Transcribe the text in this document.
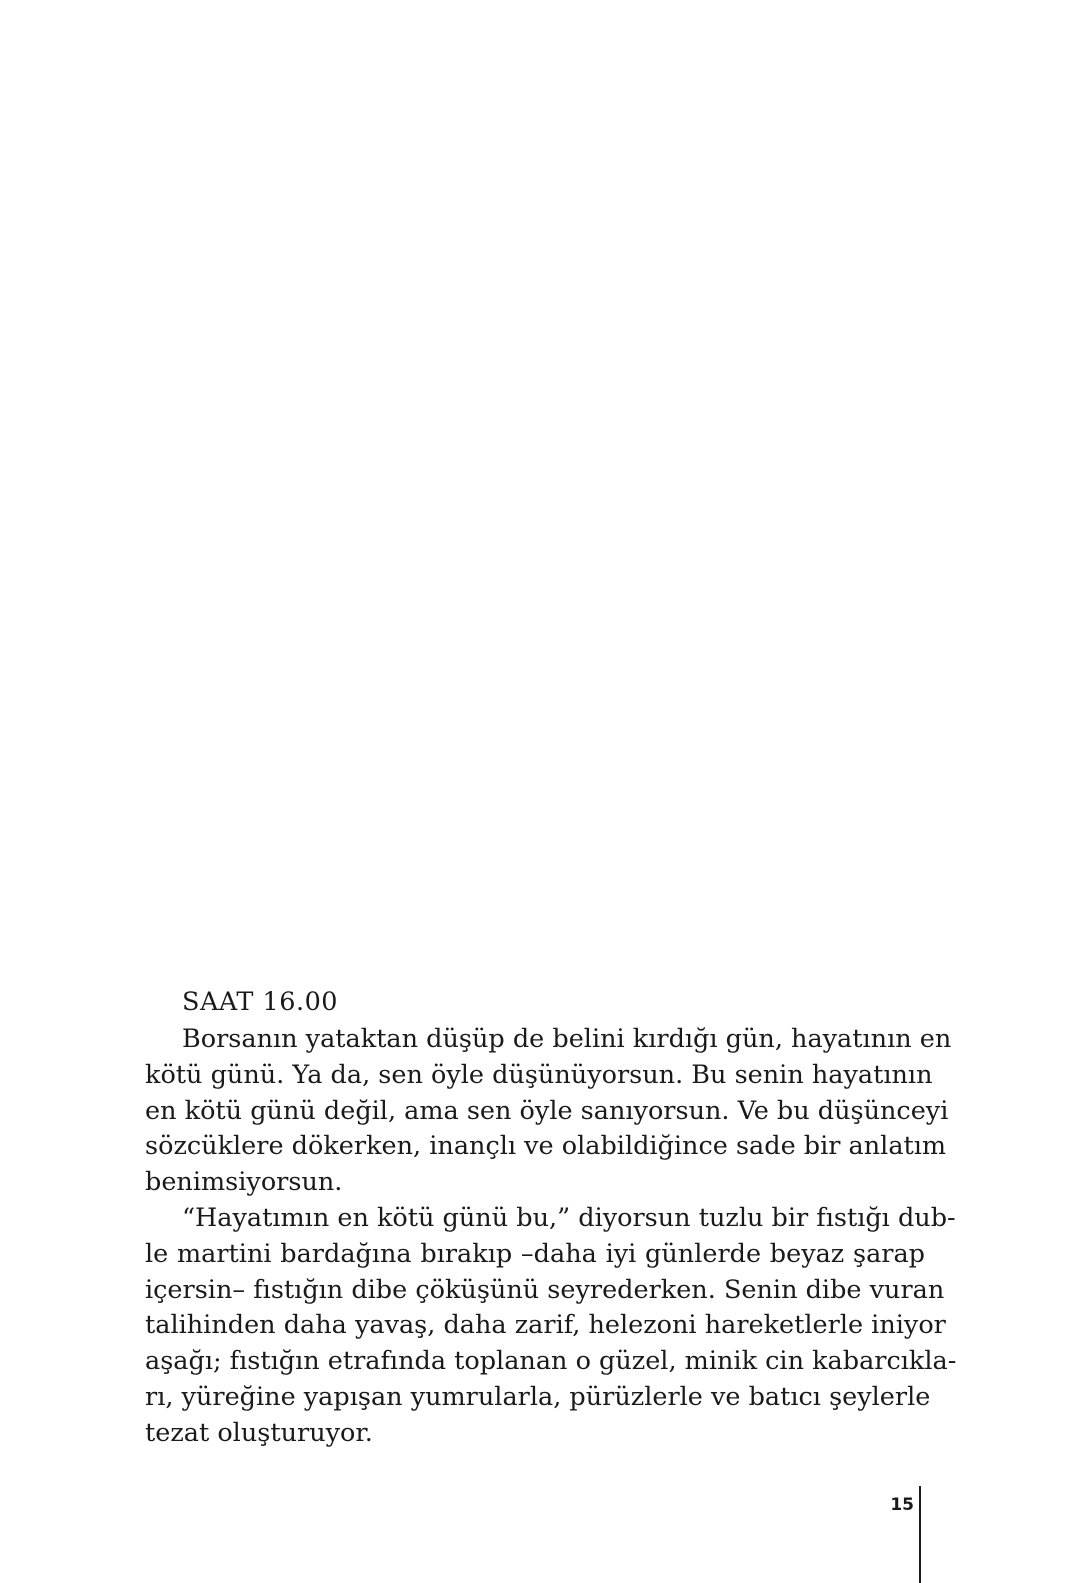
SAAT 16.00
Borsanın yataktan düşüp de belini kırdığı gün, hayatının en
kötü günü. Ya da, sen öyle düşünüyorsun. Bu senin hayatının
en kötü günü değil, ama sen öyle sanıyorsun. Ve bu düşünceyi
sözcüklere dökerken, inançlı ve olabildiğince sade bir anlatım
benimsiyorsun.
“Hayatımın en kötü günü bu,” diyorsun tuzlu bir fıstığı dub-
le martini bardağına bırakıp –daha iyi günlerde beyaz şarap
içersin– fıstığın dibe çöküşünü seyrederken. Senin dibe vuran
talihinden daha yavaş, daha zarif, helezoni hareketlerle iniyor
aşağı; fıstığın etrafında toplanan o güzel, minik cin kabarcıkla-
rı, yüreğine yapışan yumrularla, pürüzlerle ve batıcı şeylerle
tezat oluşturuyor.
15
